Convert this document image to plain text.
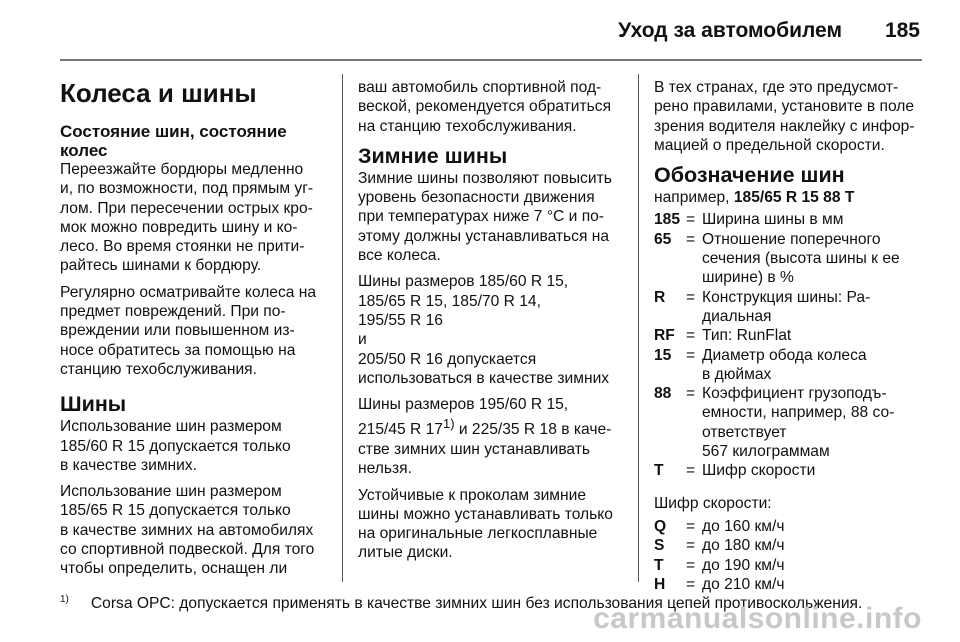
Уход за автомобилем 185
Колеса и шины
Состояние шин, состояние колес
Переезжайте бордюры медленно
и, по возможности, под прямым уг-
лом. При пересечении острых кро-
мок можно повредить шину и ко-
лесо. Во время стоянки не прити-
райтесь шинами к бордюру.
Регулярно осматривайте колеса на
предмет повреждений. При по-
вреждении или повышенном из-
носе обратитесь за помощью на
станцию техобслуживания.
Шины
Использование шин размером
185/60 R 15 допускается только
в качестве зимних.
Использование шин размером
185/65 R 15 допускается только
в качестве зимних на автомобилях
со спортивной подвеской. Для того
чтобы определить, оснащен ли
ваш автомобиль спортивной под-
веской, рекомендуется обратиться
на станцию техобслуживания.
Зимние шины
Зимние шины позволяют повысить
уровень безопасности движения
при температурах ниже 7 °C и по-
этому должны устанавливаться на
все колеса.
Шины размеров 185/60 R 15,
185/65 R 15, 185/70 R 14,
195/55 R 16
и
205/50 R 16 допускается использоваться в качестве зимних
Шины размеров 195/60 R 15,
215/45 R 17$^{1)}$ и 225/35 R 18 в каче-
стве зимних шин устанавливать
нельзя.
Устойчивые к проколам зимние
шины можно устанавливать только
на оригинальные легкосплавные
литые диски.
В тех странах, где это предусмот-
рено правилами, установите в поле
зрения водителя наклейку с инфор-
мацией о предельной скорости.
Обозначение шин
например, 185/65 R 15 88 T
185 = Ширина шины в мм
65 = Отношение поперечного
сечения (высота шины к ее
ширине) в %
R	= Конструкция шины: Ра-
диальная
RF = Тип: RunFlat
15 = Диаметр обода колеса
в дюймах
88 = Коэффициент грузоподъ-
емности, например, 88 со-
ответствует
567 килограммам
T	= Шифр скорости
Шифр скорости:
Q	= до 160 км/ч
S	= до 180 км/ч
T	= до 190 км/ч
H	= до 210 км/ч
$^{1)}$ Corsa OPC: допускается применять в качестве зимних шин без использования цепей противоскольжения.
carmanualsonline.info
